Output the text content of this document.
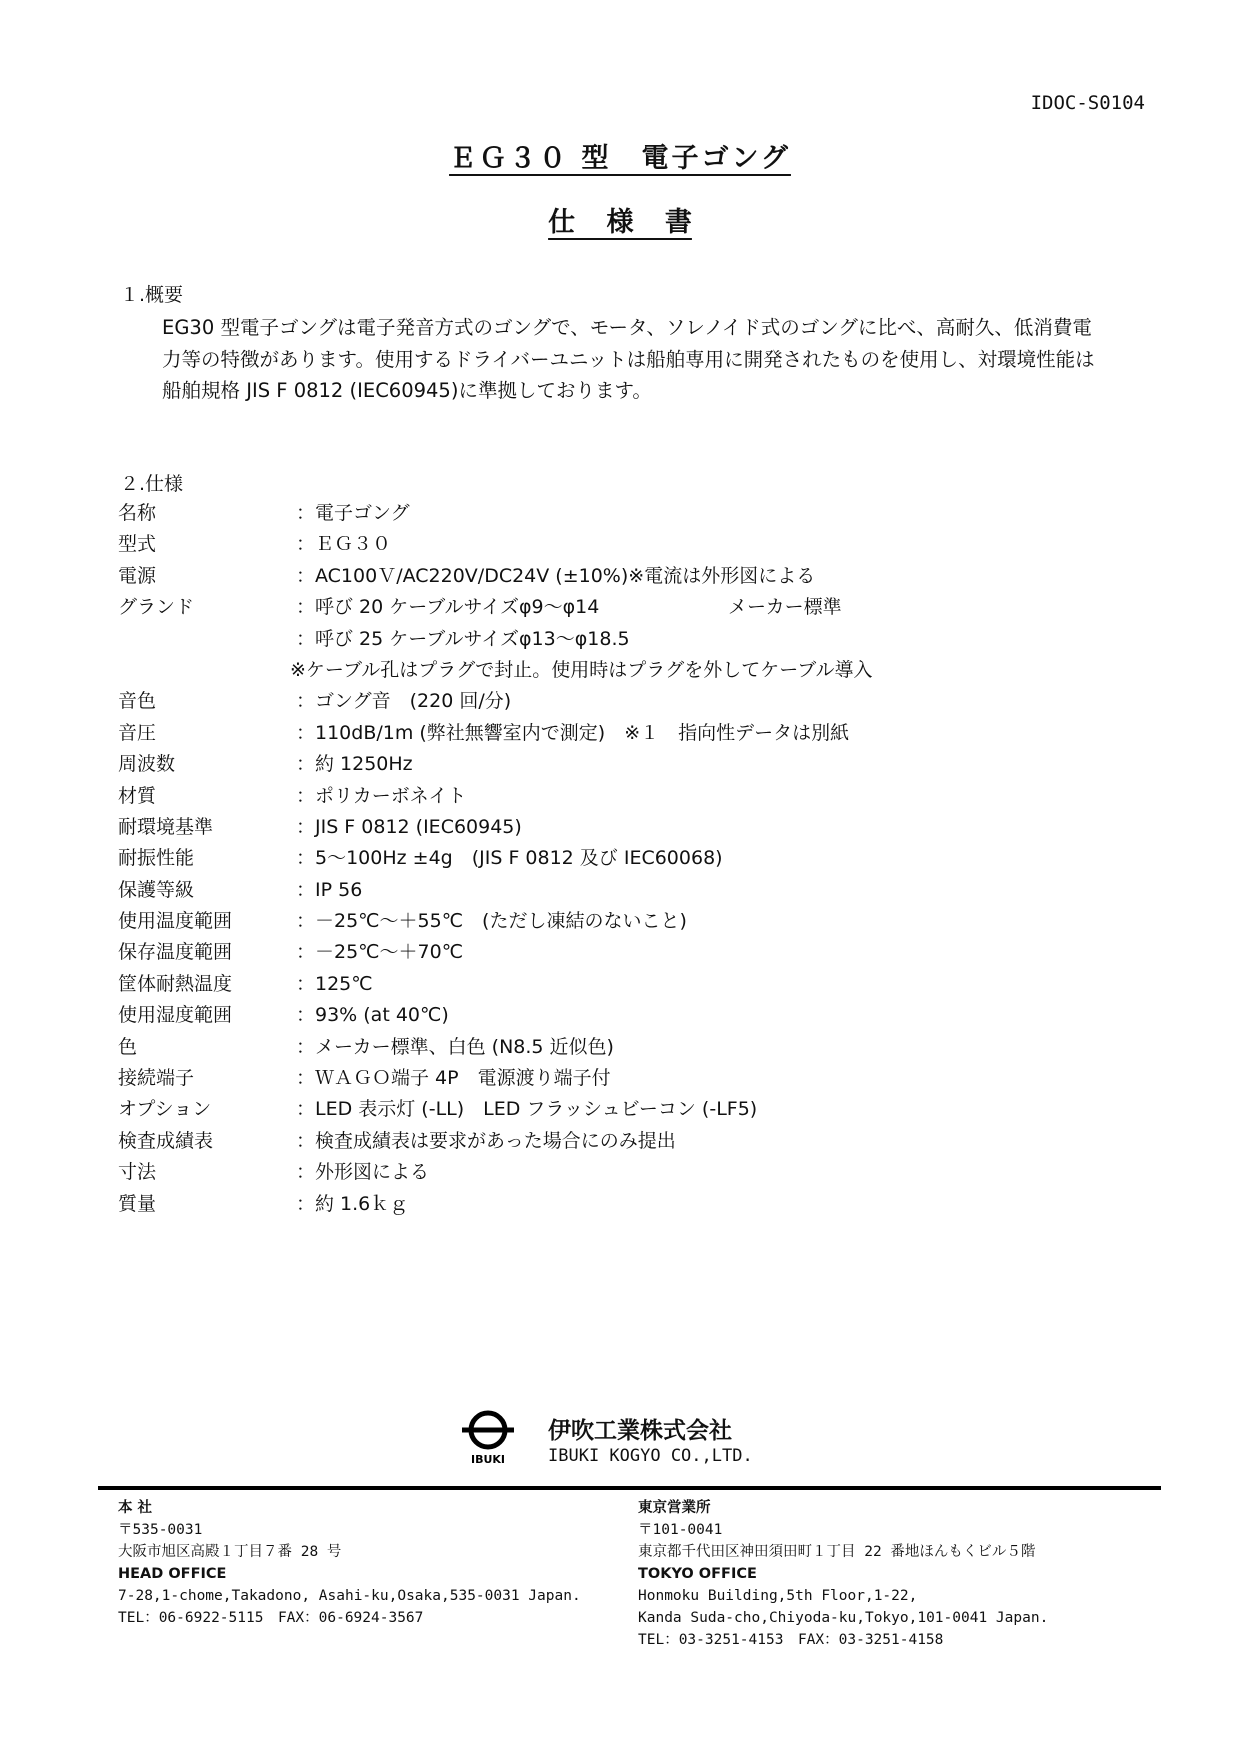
IDOC-S0104
ＥＧ３０ 型　電子ゴング
仕 様 書
１.概要
EG30 型電子ゴングは電子発音方式のゴングで、モータ、ソレノイド式のゴングに比べ、高耐久、低消費電
力等の特徴があります。使用するドライバーユニットは船舶専用に開発されたものを使用し、対環境性能は
船舶規格 JIS F 0812 (IEC60945)に準拠しております。
２.仕様
名称	：電子ゴング
型式	：ＥＧ３０
電源	：AC100Ｖ/AC220V/DC24V (±10%)※電流は外形図による
グランド	：呼び 20 ケーブルサイズφ9～φ14	メーカー標準
：呼び 25 ケーブルサイズφ13～φ18.5
※ケーブル孔はプラグで封止。使用時はプラグを外してケーブル導入
音色	：ゴング音　(220 回/分)
音圧	：110dB/1m (弊社無響室内で測定)　※１　指向性データは別紙
周波数	：約 1250Hz
材質	：ポリカーボネイト
耐環境基準	：JIS F 0812 (IEC60945)
耐振性能	：5～100Hz ±4g　(JIS F 0812 及び IEC60068)
保護等級	：IP 56
使用温度範囲	：－25℃～＋55℃　(ただし凍結のないこと)
保存温度範囲	：－25℃～＋70℃
筐体耐熱温度	：125℃
使用湿度範囲	：93% (at 40℃)
色	：メーカー標準、白色 (N8.5 近似色)
接続端子	：ＷＡＧＯ端子 4P　電源渡り端子付
オプション	：LED 表示灯 (-LL)　LED フラッシュビーコン (-LF5)
検査成績表	：検査成績表は要求があった場合にのみ提出
寸法	：外形図による
質量	：約 1.6ｋｇ
IBUKI
伊吹工業株式会社
IBUKI KOGYO CO.,LTD.
本 社
〒535-0031
大阪市旭区高殿１丁目７番 28 号
HEAD OFFICE
7-28,1-chome,Takadono, Asahi-ku,Osaka,535-0031 Japan.
TEL：06-6922-5115　FAX：06-6924-3567
東京営業所
〒101-0041
東京都千代田区神田須田町１丁目 22 番地ほんもくビル５階
TOKYO OFFICE
Honmoku Building,5th Floor,1-22,
Kanda Suda-cho,Chiyoda-ku,Tokyo,101-0041 Japan.
TEL：03-3251-4153　FAX：03-3251-4158
